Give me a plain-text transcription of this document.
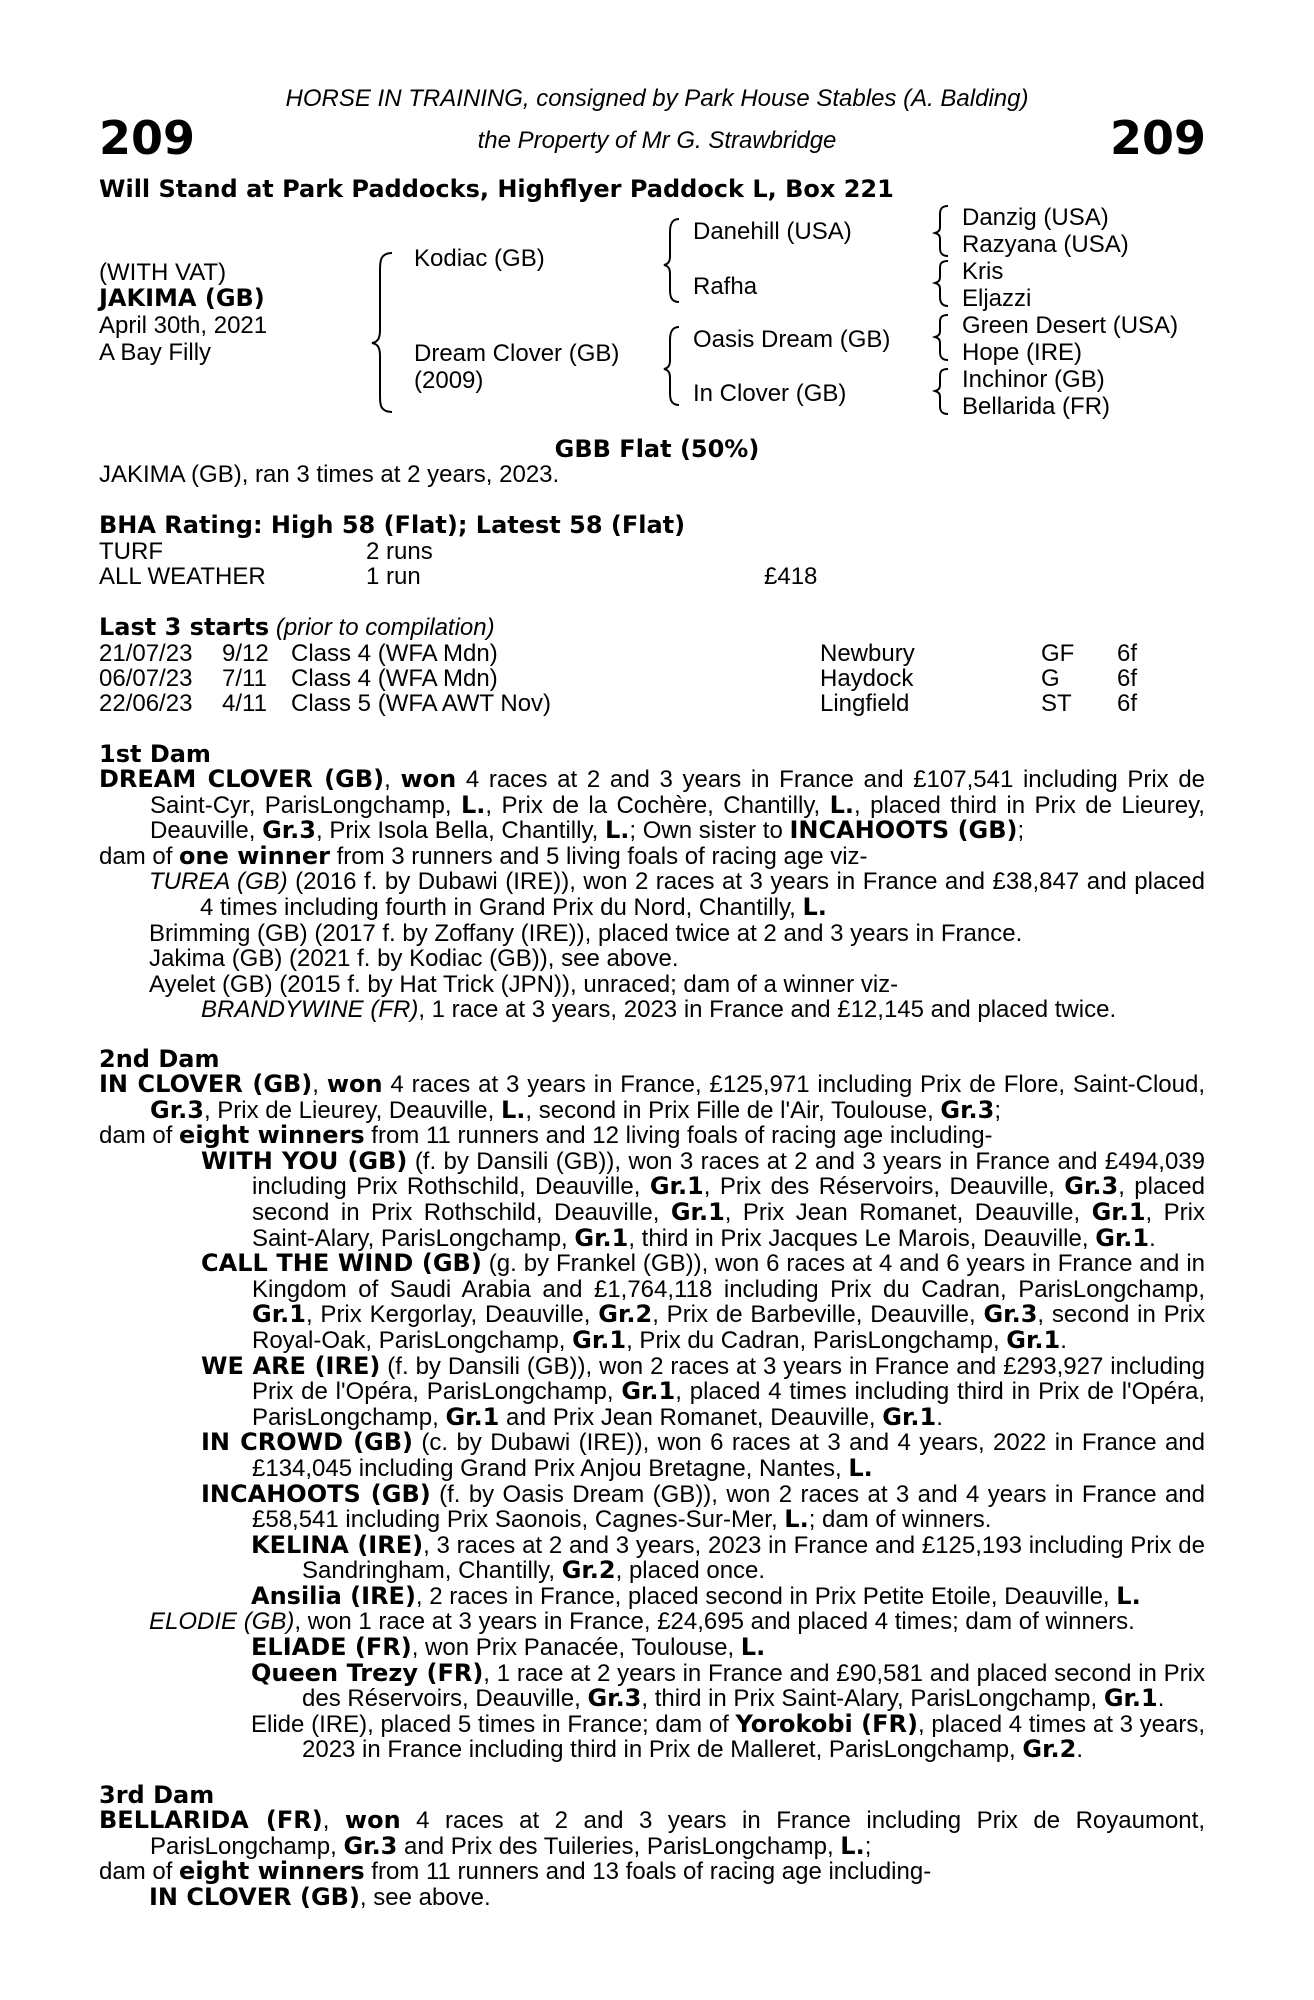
209	209
HORSE IN TRAINING, consigned by Park House Stables (A. Balding)
the Property of Mr G. Strawbridge
Will Stand at Park Paddocks, Highflyer Paddock L, Box 221
(WITH VAT)
JAKIMA (GB)
April 30th, 2021
A Bay Filly
Kodiac (GB)
Dream Clover (GB)
(2009)
Danehill (USA)
Rafha
Oasis Dream (GB)
In Clover (GB)
Danzig (USA)
Razyana (USA)
Kris
Eljazzi
Green Desert (USA)
Hope (IRE)
Inchinor (GB)
Bellarida (FR)
GBB Flat (50%)
JAKIMA (GB), ran 3 times at 2 years, 2023.
BHA Rating: High 58 (Flat); Latest 58 (Flat)
TURF	2 runs
ALL WEATHER	1 run	£418
Last 3 starts (prior to compilation)
21/07/23 9/12 Class 4 (WFA Mdn)	Newbury	GF 6f
06/07/23 7/11 Class 4 (WFA Mdn)	Haydock	G 6f
22/06/23 4/11 Class 5 (WFA AWT Nov)	Lingfield	ST 6f
1st Dam
DREAM CLOVER (GB), won 4 races at 2 and 3 years in France and £107,541 including Prix de Saint-Cyr, ParisLongchamp, L., Prix de la Cochère, Chantilly, L., placed third in Prix de Lieurey, Deauville, Gr.3, Prix Isola Bella, Chantilly, L.; Own sister to INCAHOOTS (GB);
dam of one winner from 3 runners and 5 living foals of racing age viz-
TUREA (GB) (2016 f. by Dubawi (IRE)), won 2 races at 3 years in France and £38,847 and placed 4 times including fourth in Grand Prix du Nord, Chantilly, L.
Brimming (GB) (2017 f. by Zoffany (IRE)), placed twice at 2 and 3 years in France.
Jakima (GB) (2021 f. by Kodiac (GB)), see above.
Ayelet (GB) (2015 f. by Hat Trick (JPN)), unraced; dam of a winner viz-
BRANDYWINE (FR), 1 race at 3 years, 2023 in France and £12,145 and placed twice.
2nd Dam
IN CLOVER (GB), won 4 races at 3 years in France, £125,971 including Prix de Flore, Saint-Cloud, Gr.3, Prix de Lieurey, Deauville, L., second in Prix Fille de l'Air, Toulouse, Gr.3;
dam of eight winners from 11 runners and 12 living foals of racing age including-
WITH YOU (GB) (f. by Dansili (GB)), won 3 races at 2 and 3 years in France and £494,039 including Prix Rothschild, Deauville, Gr.1, Prix des Réservoirs, Deauville, Gr.3, placed second in Prix Rothschild, Deauville, Gr.1, Prix Jean Romanet, Deauville, Gr.1, Prix Saint-Alary, ParisLongchamp, Gr.1, third in Prix Jacques Le Marois, Deauville, Gr.1.
CALL THE WIND (GB) (g. by Frankel (GB)), won 6 races at 4 and 6 years in France and in Kingdom of Saudi Arabia and £1,764,118 including Prix du Cadran, ParisLongchamp, Gr.1, Prix Kergorlay, Deauville, Gr.2, Prix de Barbeville, Deauville, Gr.3, second in Prix Royal-Oak, ParisLongchamp, Gr.1, Prix du Cadran, ParisLongchamp, Gr.1.
WE ARE (IRE) (f. by Dansili (GB)), won 2 races at 3 years in France and £293,927 including Prix de l'Opéra, ParisLongchamp, Gr.1, placed 4 times including third in Prix de l'Opéra, ParisLongchamp, Gr.1 and Prix Jean Romanet, Deauville, Gr.1.
IN CROWD (GB) (c. by Dubawi (IRE)), won 6 races at 3 and 4 years, 2022 in France and £134,045 including Grand Prix Anjou Bretagne, Nantes, L.
INCAHOOTS (GB) (f. by Oasis Dream (GB)), won 2 races at 3 and 4 years in France and £58,541 including Prix Saonois, Cagnes-Sur-Mer, L.; dam of winners.
KELINA (IRE), 3 races at 2 and 3 years, 2023 in France and £125,193 including Prix de Sandringham, Chantilly, Gr.2, placed once.
Ansilia (IRE), 2 races in France, placed second in Prix Petite Etoile, Deauville, L.
ELODIE (GB), won 1 race at 3 years in France, £24,695 and placed 4 times; dam of winners.
ELIADE (FR), won Prix Panacée, Toulouse, L.
Queen Trezy (FR), 1 race at 2 years in France and £90,581 and placed second in Prix des Réservoirs, Deauville, Gr.3, third in Prix Saint-Alary, ParisLongchamp, Gr.1.
Elide (IRE), placed 5 times in France; dam of Yorokobi (FR), placed 4 times at 3 years, 2023 in France including third in Prix de Malleret, ParisLongchamp, Gr.2.
3rd Dam
BELLARIDA (FR), won 4 races at 2 and 3 years in France including Prix de Royaumont, ParisLongchamp, Gr.3 and Prix des Tuileries, ParisLongchamp, L.;
dam of eight winners from 11 runners and 13 foals of racing age including-
IN CLOVER (GB), see above.
